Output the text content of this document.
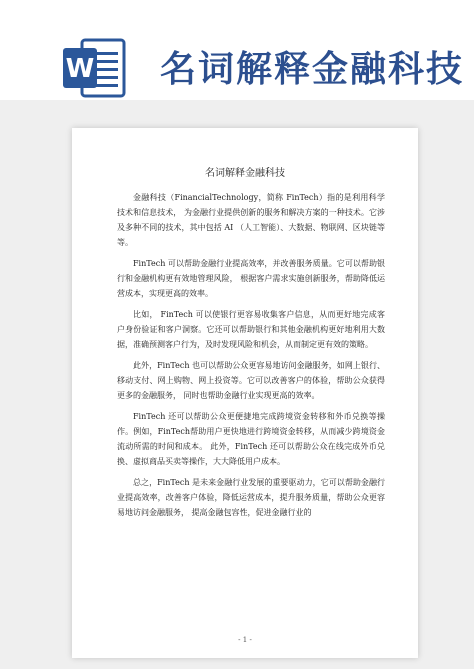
W 名词解释金融科技
名词解释金融科技

金融科技（FinancialTechnology，简称 FinTech）指的是利用科学技术和信息技术， 为金融行业提供创新的服务和解决方案的一种技术。它涉及多种不同的技术，其中包括 AI （人工智能）、大数据、物联网、区块链等等。

FinTech 可以帮助金融行业提高效率，并改善服务质量。它可以帮助银行和金融机构更有效地管理风险， 根据客户需求实施创新服务，帮助降低运营成本，实现更高的效率。

比如， FinTech 可以使银行更容易收集客户信息，从而更好地完成客户身份验证和客户洞察。它还可以帮助银行和其他金融机构更好地利用大数据，准确预测客户行为，及时发现风险和机会，从而制定更有效的策略。

此外，FinTech 也可以帮助公众更容易地访问金融服务，如网上银行、 移动支付、网上购物、网上投资等。它可以改善客户的体验，帮助公众获得更多的金融服务， 同时也帮助金融行业实现更高的效率。

FinTech 还可以帮助公众更便捷地完成跨境资金转移和外币兑换等操作。例如，FinTech帮助用户更快地进行跨境资金转移，从而减少跨境资金流动所需的时间和成本。 此外，FinTech 还可以帮助公众在线完成外币兑换、虚拟商品买卖等操作，大大降低用户成本。

总之，FinTech 是未来金融行业发展的重要驱动力，它可以帮助金融行业提高效率，改善客户体验，降低运营成本，提升服务质量，帮助公众更容易地访问金融服务， 提高金融包容性，促进金融行业的

- 1 -
